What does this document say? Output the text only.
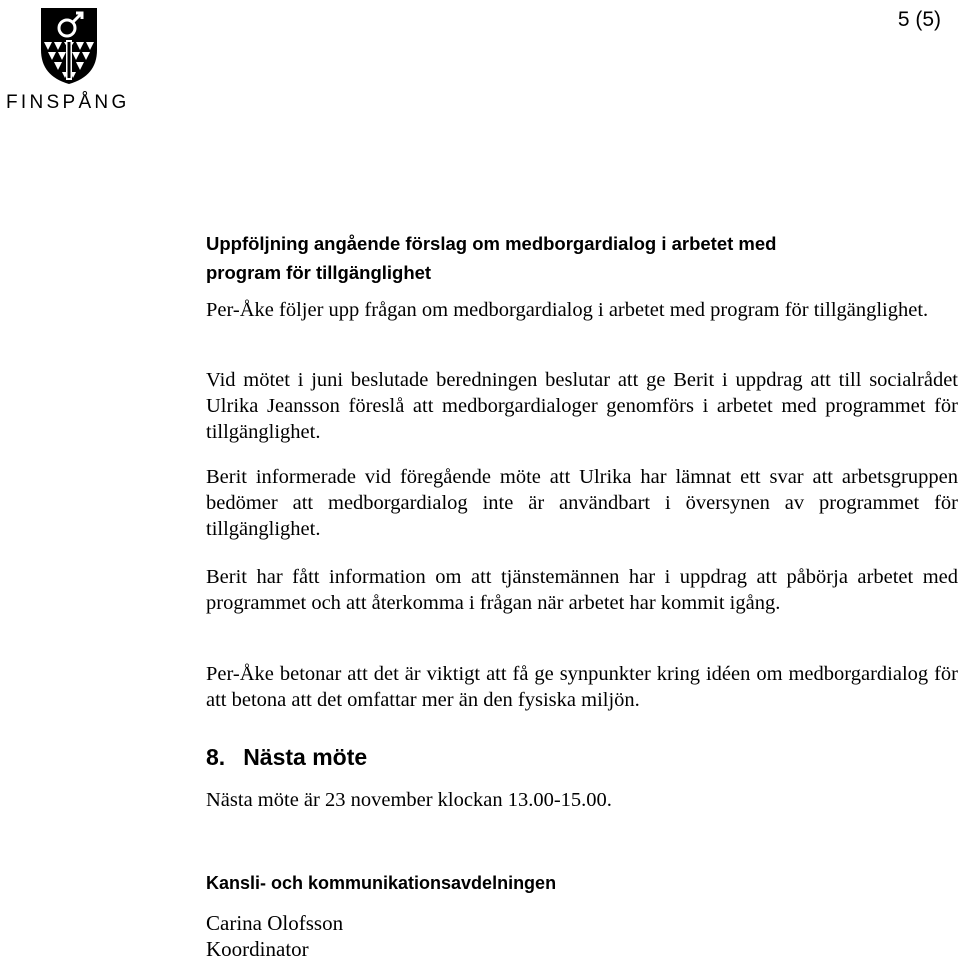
FINSPÅNG
5 (5)
Uppföljning angående förslag om medborgardialog i arbetet med
program för tillgänglighet

Per-Åke följer upp frågan om medborgardialog i arbetet med program för tillgänglighet.

Vid mötet i juni beslutade beredningen beslutar att ge Berit i uppdrag att till socialrådet Ulrika Jeansson föreslå att medborgardialoger genomförs i arbetet med programmet för tillgänglighet.

Berit informerade vid föregående möte att Ulrika har lämnat ett svar att arbetsgruppen bedömer att medborgardialog inte är användbart i översynen av programmet för tillgänglighet.

Berit har fått information om att tjänstemännen har i uppdrag att påbörja arbetet med programmet och att återkomma i frågan när arbetet har kommit igång.

Per-Åke betonar att det är viktigt att få ge synpunkter kring idéen om medborgardialog för att betona att det omfattar mer än den fysiska miljön.

8. Nästa möte

Nästa möte är 23 november klockan 13.00-15.00.

Kansli- och kommunikationsavdelningen
Carina Olofsson
Koordinator
